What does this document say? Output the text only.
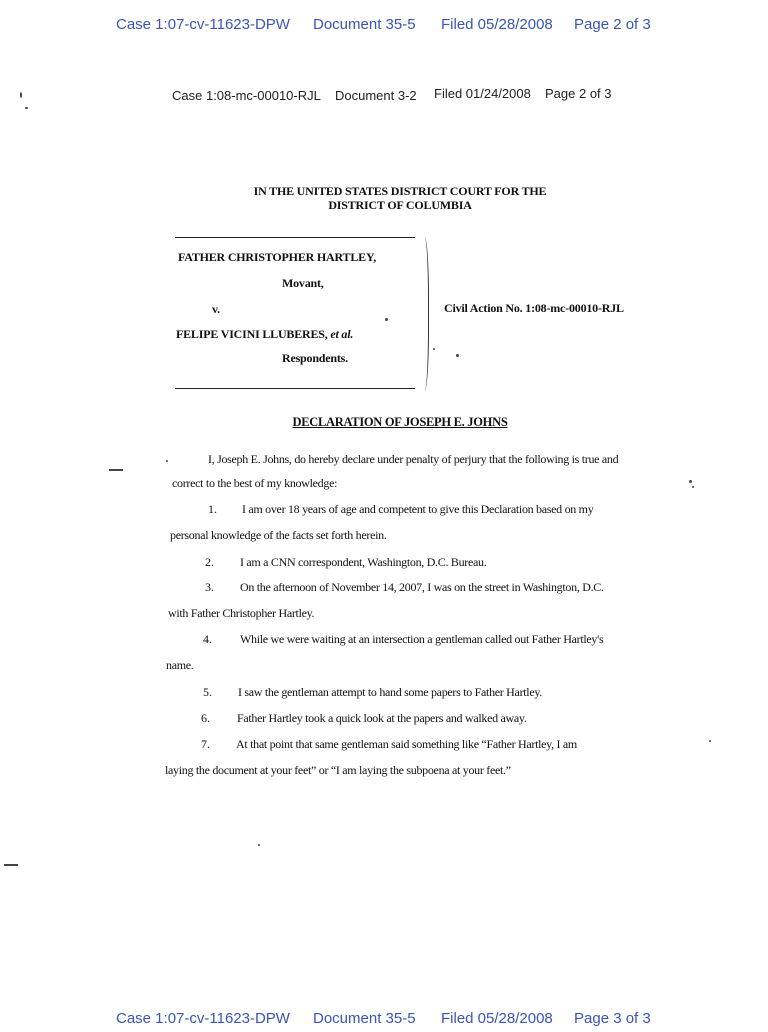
Case 1:07-cv-11623-DPW Document 35-5 Filed 05/28/2008 Page 2 of 3
Case 1:08-mc-00010-RJL Document 3-2 Filed 01/24/2008 Page 2 of 3
IN THE UNITED STATES DISTRICT COURT FOR THE
DISTRICT OF COLUMBIA
FATHER CHRISTOPHER HARTLEY,
Movant,
v.
FELIPE VICINI LLUBERES, et al.
Respondents.
Civil Action No. 1:08-mc-00010-RJL
DECLARATION OF JOSEPH E. JOHNS
I, Joseph E. Johns, do hereby declare under penalty of perjury that the following is true and
correct to the best of my knowledge:
1. I am over 18 years of age and competent to give this Declaration based on my
personal knowledge of the facts set forth herein.
2. I am a CNN correspondent, Washington, D.C. Bureau.
3. On the afternoon of November 14, 2007, I was on the street in Washington, D.C.
with Father Christopher Hartley.
4. While we were waiting at an intersection a gentleman called out Father Hartley's
name.
5. I saw the gentleman attempt to hand some papers to Father Hartley.
6. Father Hartley took a quick look at the papers and walked away.
7. At that point that same gentleman said something like “Father Hartley, I am
laying the document at your feet” or “I am laying the subpoena at your feet.”
Case 1:07-cv-11623-DPW Document 35-5 Filed 05/28/2008 Page 3 of 3
